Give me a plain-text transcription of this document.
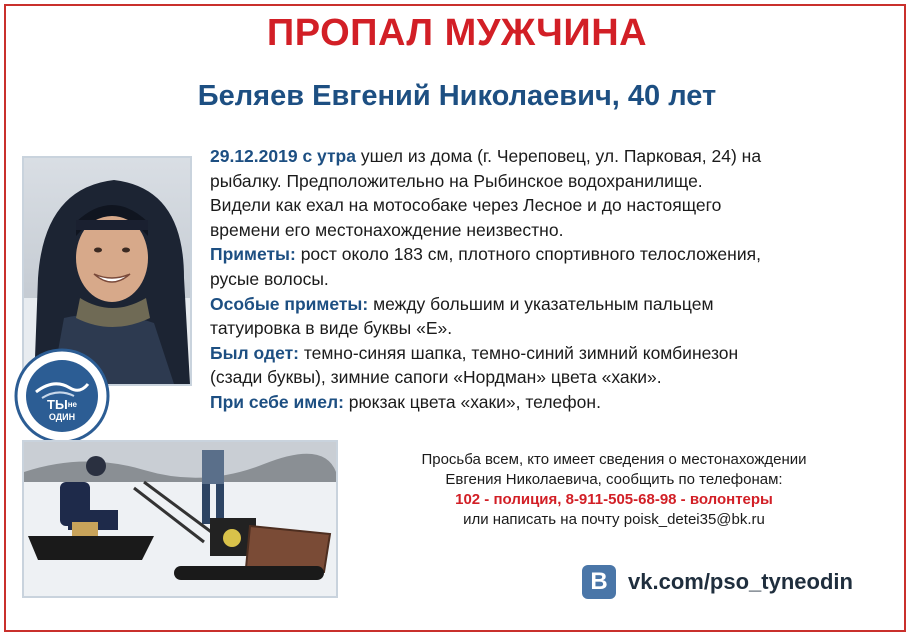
ПРОПАЛ МУЖЧИНА
Беляев Евгений Николаевич, 40 лет
$ТЫ^{не}$
ОДИН

29.12.2019 с утра ушел из дома (г. Череповец, ул. Парковая, 24) на

рыбалку. Предположительно на Рыбинское водохранилище.

Видели как ехал на мотособаке через Лесное и до настоящего

времени его местонахождение неизвестно.

Приметы: рост около 183 см, плотного спортивного телосложения,

русые волосы.

Особые приметы: между большим и указательным пальцем

татуировка в виде буквы «Е».

Был одет: темно-синяя шапка, темно-синий зимний комбинезон

(сзади буквы), зимние сапоги «Нордман» цвета «хаки».

При себе имел: рюкзак цвета «хаки», телефон.

Просьба всем, кто имеет сведения о местонахождении
Евгения Николаевича, сообщить по телефонам:
102 - полиция, 8-911-505-68-98 - волонтеры
или написать на почту poisk_detei35@bk.ru
B vk.com/pso_tyneodin
